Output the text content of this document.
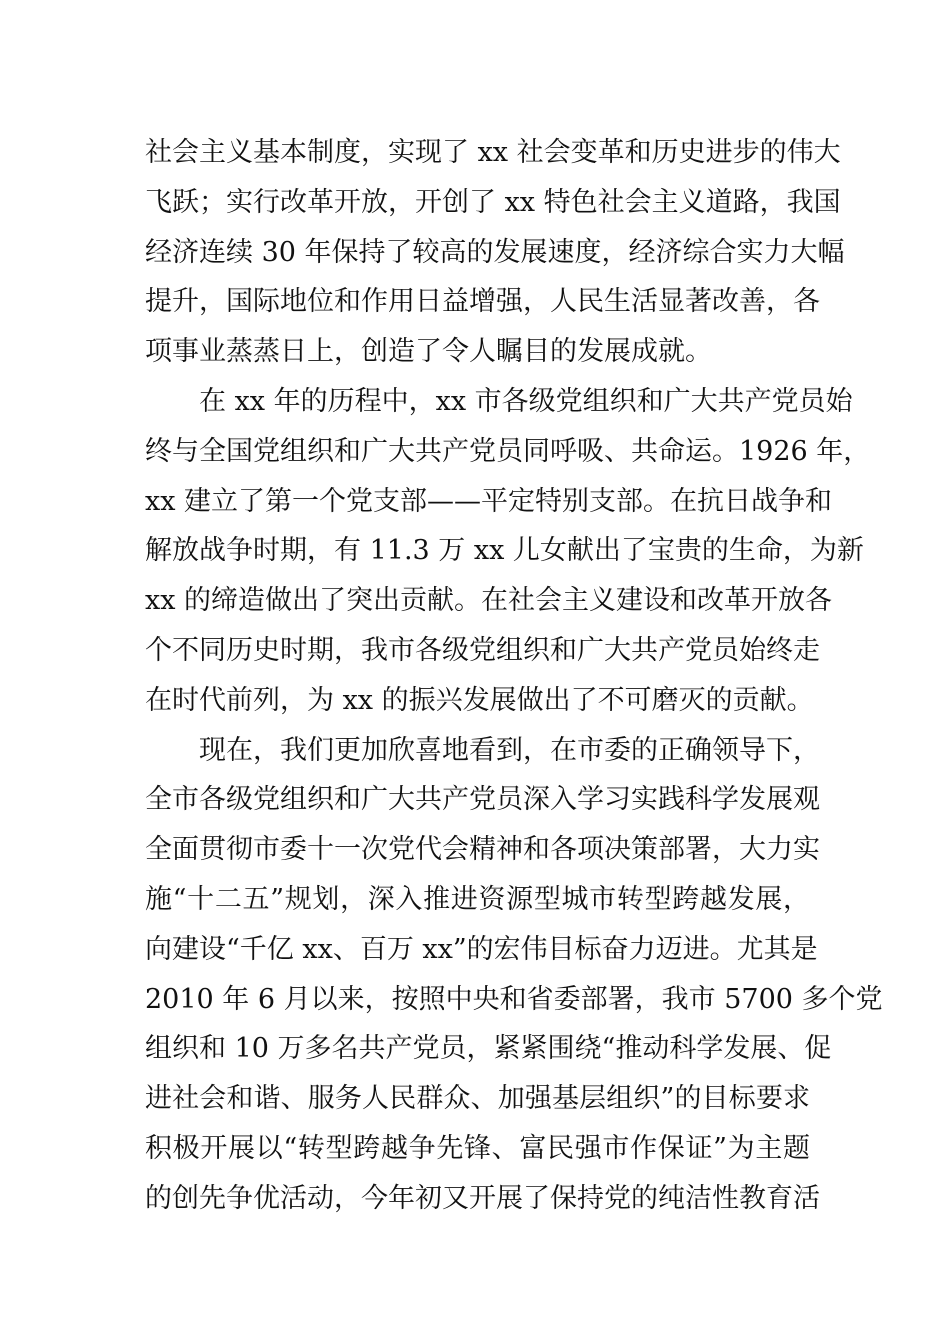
社会主义基本制度，实现了 xx 社会变革和历史进步的伟大
飞跃；实行改革开放，开创了 xx 特色社会主义道路，我国
经济连续 30 年保持了较高的发展速度，经济综合实力大幅
提升，国际地位和作用日益增强，人民生活显著改善，各
项事业蒸蒸日上，创造了令人瞩目的发展成就。
在 xx 年的历程中，xx 市各级党组织和广大共产党员始
终与全国党组织和广大共产党员同呼吸、共命运。1926 年，
xx 建立了第一个党支部——平定特别支部。在抗日战争和
解放战争时期，有 11.3 万 xx 儿女献出了宝贵的生命，为新
xx 的缔造做出了突出贡献。在社会主义建设和改革开放各
个不同历史时期，我市各级党组织和广大共产党员始终走
在时代前列，为 xx 的振兴发展做出了不可磨灭的贡献。
现在，我们更加欣喜地看到，在市委的正确领导下，
全市各级党组织和广大共产党员深入学习实践科学发展观
全面贯彻市委十一次党代会精神和各项决策部署，大力实
施“十二五”规划，深入推进资源型城市转型跨越发展，
向建设“千亿 xx、百万 xx”的宏伟目标奋力迈进。尤其是
2010 年 6 月以来，按照中央和省委部署，我市 5700 多个党
组织和 10 万多名共产党员，紧紧围绕“推动科学发展、促
进社会和谐、服务人民群众、加强基层组织”的目标要求
积极开展以“转型跨越争先锋、富民强市作保证”为主题
的创先争优活动，今年初又开展了保持党的纯洁性教育活
